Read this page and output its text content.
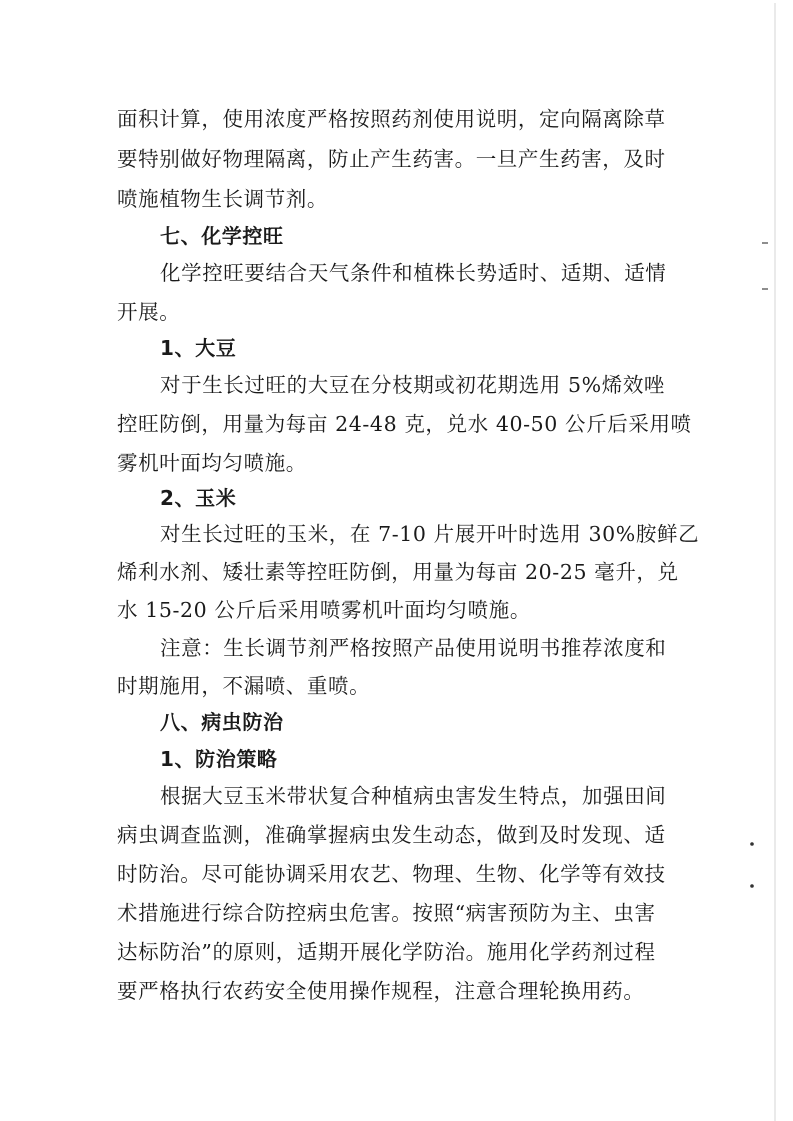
面积计算，使用浓度严格按照药剂使用说明，定向隔离除草
要特别做好物理隔离，防止产生药害。一旦产生药害，及时
喷施植物生长调节剂。
七、化学控旺
化学控旺要结合天气条件和植株长势适时、适期、适情
开展。
1、大豆
对于生长过旺的大豆在分枝期或初花期选用 5%烯效唑
控旺防倒，用量为每亩 24-48 克，兑水 40-50 公斤后采用喷
雾机叶面均匀喷施。
2、玉米
对生长过旺的玉米，在 7-10 片展开叶时选用 30%胺鲜乙
烯利水剂、矮壮素等控旺防倒，用量为每亩 20-25 毫升，兑
水 15-20 公斤后采用喷雾机叶面均匀喷施。
注意：生长调节剂严格按照产品使用说明书推荐浓度和
时期施用，不漏喷、重喷。
八、病虫防治
1、防治策略
根据大豆玉米带状复合种植病虫害发生特点，加强田间
病虫调查监测，准确掌握病虫发生动态，做到及时发现、适
时防治。尽可能协调采用农艺、物理、生物、化学等有效技
术措施进行综合防控病虫危害。按照“病害预防为主、虫害
达标防治”的原则，适期开展化学防治。施用化学药剂过程
要严格执行农药安全使用操作规程，注意合理轮换用药。
